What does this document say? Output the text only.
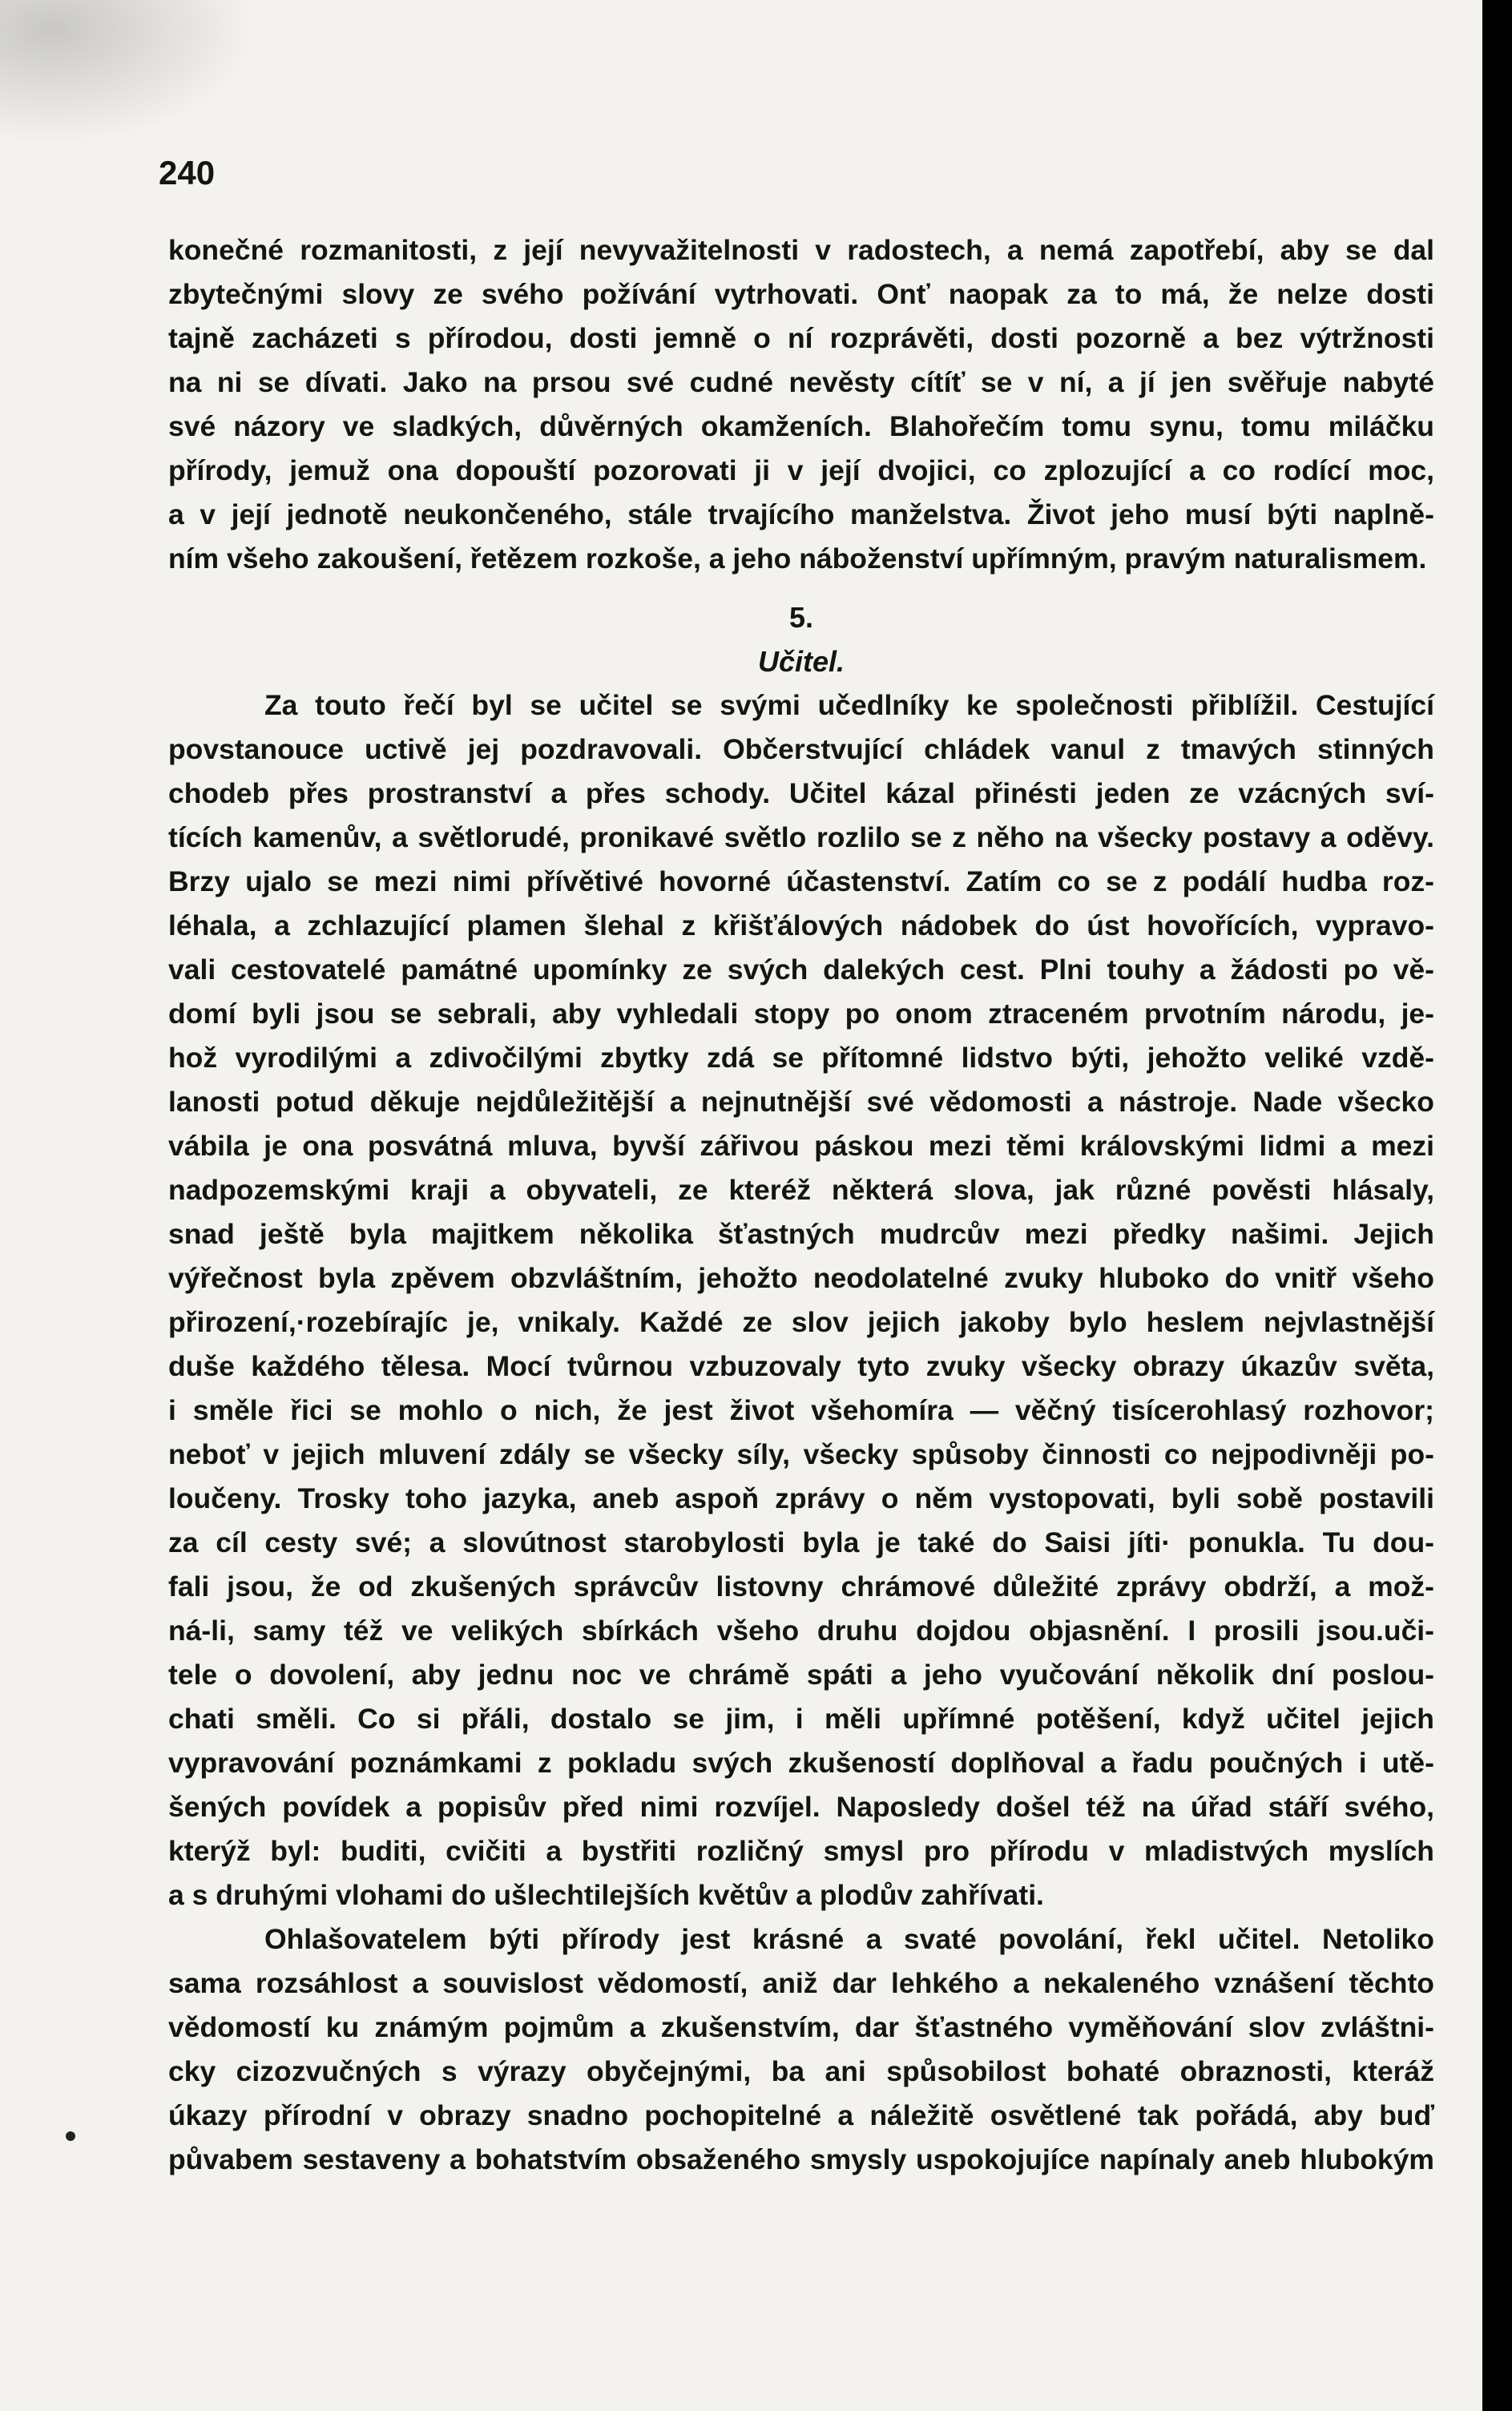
240
konečné rozmanitosti, z její nevyvažitelnosti v radostech, a nemá zapotřebí, aby se dal
zbytečnými slovy ze svého požívání vytrhovati. Onť naopak za to má, že nelze dosti
tajně zacházeti s přírodou, dosti jemně o ní rozprávěti, dosti pozorně a bez výtržnosti
na ni se dívati. Jako na prsou své cudné nevěsty cítíť se v ní, a jí jen svěřuje nabyté
své názory ve sladkých, důvěrných okamženích. Blahořečím tomu synu, tomu miláčku
přírody, jemuž ona dopouští pozorovati ji v její dvojici, co zplozující a co rodící moc,
a v její jednotě neukončeného, stále trvajícího manželstva. Život jeho musí býti naplně-
ním všeho zakoušení, řetězem rozkoše, a jeho náboženství upřímným, pravým naturalismem.
5.
Učitel.
Za touto řečí byl se učitel se svými učedlníky ke společnosti přiblížil. Cestující
povstanouce uctivě jej pozdravovali. Občerstvující chládek vanul z tmavých stinných
chodeb přes prostranství a přes schody. Učitel kázal přinésti jeden ze vzácných sví-
tících kamenův, a světlorudé, pronikavé světlo rozlilo se z něho na všecky postavy a oděvy.
Brzy ujalo se mezi nimi přívětivé hovorné účastenství. Zatím co se z podálí hudba roz-
léhala, a zchlazující plamen šlehal z křišťálových nádobek do úst hovořících, vypravo-
vali cestovatelé památné upomínky ze svých dalekých cest. Plni touhy a žádosti po vě-
domí byli jsou se sebrali, aby vyhledali stopy po onom ztraceném prvotním národu, je-
hož vyrodilými a zdivočilými zbytky zdá se přítomné lidstvo býti, jehožto veliké vzdě-
lanosti potud děkuje nejdůležitější a nejnutnější své vědomosti a nástroje. Nade všecko
vábila je ona posvátná mluva, byvší zářivou páskou mezi těmi královskými lidmi a mezi
nadpozemskými kraji a obyvateli, ze kteréž některá slova, jak různé pověsti hlásaly,
snad ještě byla majitkem několika šťastných mudrcův mezi předky našimi. Jejich
výřečnost byla zpěvem obzvláštním, jehožto neodolatelné zvuky hluboko do vnitř všeho
přirození,·rozebírajíc je, vnikaly. Každé ze slov jejich jakoby bylo heslem nejvlastnější
duše každého tělesa. Mocí tvůrnou vzbuzovaly tyto zvuky všecky obrazy úkazův světa,
i směle řici se mohlo o nich, že jest život všehomíra — věčný tisícerohlasý rozhovor;
neboť v jejich mluvení zdály se všecky síly, všecky spůsoby činnosti co nejpodivněji po-
loučeny. Trosky toho jazyka, aneb aspoň zprávy o něm vystopovati, byli sobě postavili
za cíl cesty své; a slovútnost starobylosti byla je také do Saisi jíti· ponukla. Tu dou-
fali jsou, že od zkušených správcův listovny chrámové důležité zprávy obdrží, a mož-
ná-li, samy též ve velikých sbírkách všeho druhu dojdou objasnění. I prosili jsou.uči-
tele o dovolení, aby jednu noc ve chrámě spáti a jeho vyučování několik dní poslou-
chati směli. Co si přáli, dostalo se jim, i měli upřímné potěšení, když učitel jejich
vypravování poznámkami z pokladu svých zkušeností doplňoval a řadu poučných i utě-
šených povídek a popisův před nimi rozvíjel. Naposledy došel též na úřad stáří svého,
kterýž byl: buditi, cvičiti a bystřiti rozličný smysl pro přírodu v mladistvých myslích
a s druhými vlohami do ušlechtilejších květův a plodův zahřívati.
Ohlašovatelem býti přírody jest krásné a svaté povolání, řekl učitel. Netoliko
sama rozsáhlost a souvislost vědomostí, aniž dar lehkého a nekaleného vznášení těchto
vědomostí ku známým pojmům a zkušenstvím, dar šťastného vyměňování slov zvláštni-
cky cizozvučných s výrazy obyčejnými, ba ani spůsobilost bohaté obraznosti, kteráž
úkazy přírodní v obrazy snadno pochopitelné a náležitě osvětlené tak pořádá, aby buď
půvabem sestaveny a bohatstvím obsaženého smysly uspokojujíce napínaly aneb hlubokým
